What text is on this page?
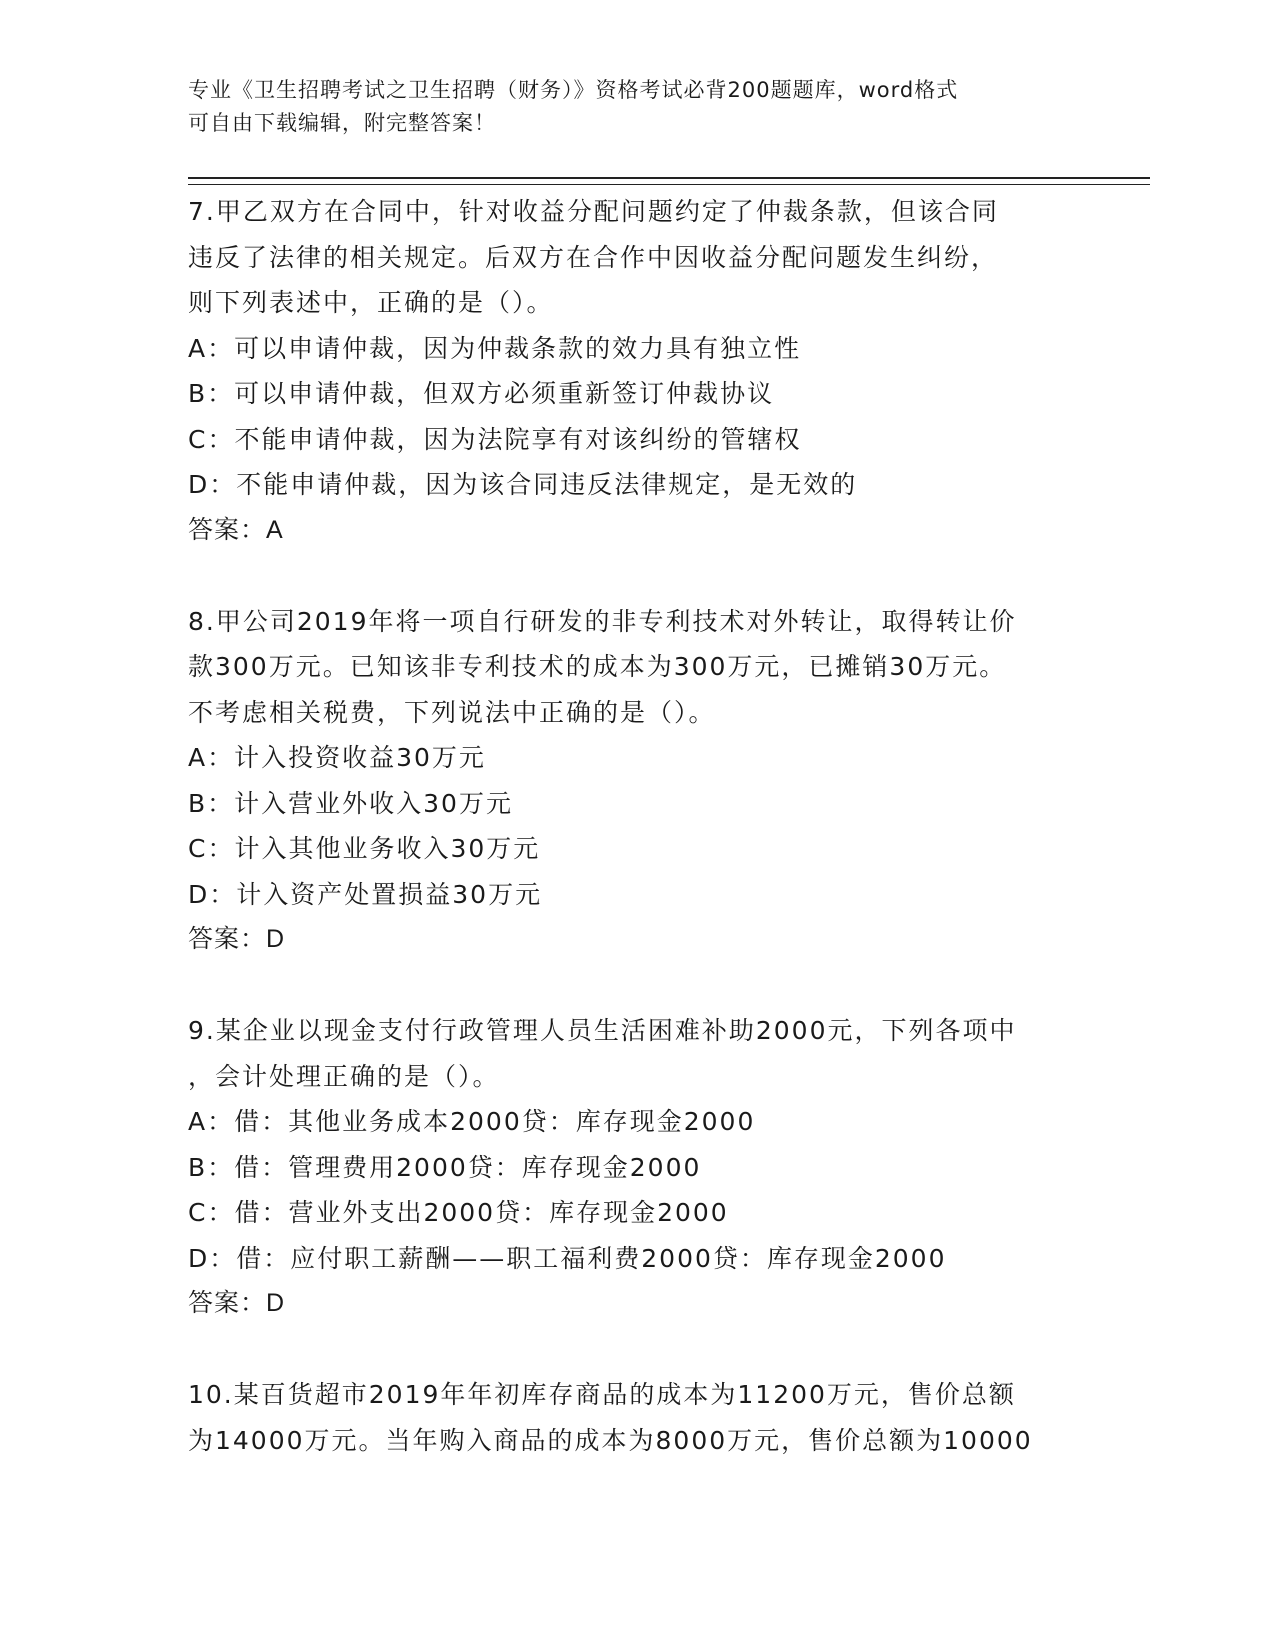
专业《卫生招聘考试之卫生招聘（财务）》资格考试必背200题题库，word格式
可自由下载编辑，附完整答案！
7.甲乙双方在合同中，针对收益分配问题约定了仲裁条款，但该合同
违反了法律的相关规定。后双方在合作中因收益分配问题发生纠纷，
则下列表述中，正确的是（）。
A：可以申请仲裁，因为仲裁条款的效力具有独立性
B：可以申请仲裁，但双方必须重新签订仲裁协议
C：不能申请仲裁，因为法院享有对该纠纷的管辖权
D：不能申请仲裁，因为该合同违反法律规定，是无效的
答案：A
8.甲公司2019年将一项自行研发的非专利技术对外转让，取得转让价
款300万元。已知该非专利技术的成本为300万元，已摊销30万元。
不考虑相关税费，下列说法中正确的是（）。
A：计入投资收益30万元
B：计入营业外收入30万元
C：计入其他业务收入30万元
D：计入资产处置损益30万元
答案：D
9.某企业以现金支付行政管理人员生活困难补助2000元，下列各项中
，会计处理正确的是（）。
A：借：其他业务成本2000贷：库存现金2000
B：借：管理费用2000贷：库存现金2000
C：借：营业外支出2000贷：库存现金2000
D：借：应付职工薪酬——职工福利费2000贷：库存现金2000
答案：D
10.某百货超市2019年年初库存商品的成本为11200万元，售价总额
为14000万元。当年购入商品的成本为8000万元，售价总额为10000
